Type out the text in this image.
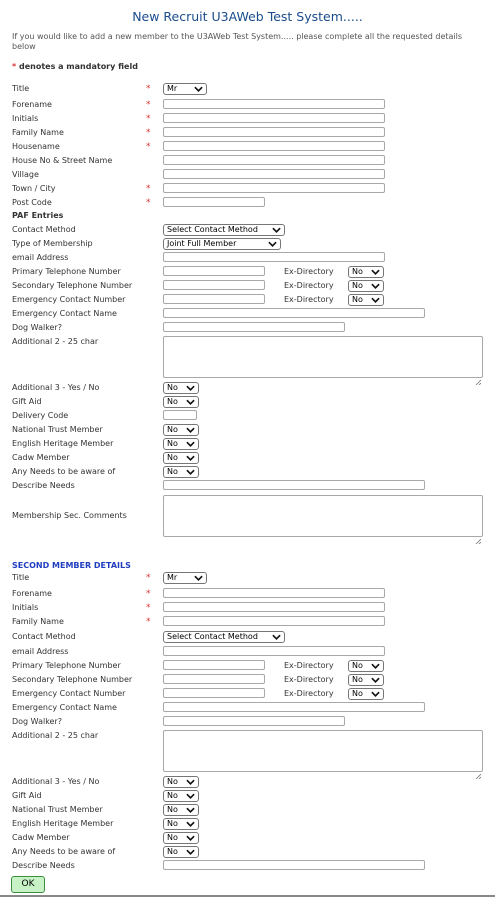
New Recruit U3AWeb Test System.....
If you would like to add a new member to the U3AWeb Test System..... please complete all the requested details below
* denotes a mandatory field
Title	*	Mr
Forename	*
Initials	*
Family Name	*
Housename	*
House No & Street Name
Village
Town / City	*
Post Code	*
PAF Entries
Contact Method	Select Contact Method
Type of Membership	Joint Full Member
email Address
Primary Telephone Number	Ex-Directory	No
Secondary Telephone Number	Ex-Directory	No
Emergency Contact Number	Ex-Directory	No
Emergency Contact Name
Dog Walker?
Additional 2 - 25 char
Additional 3 - Yes / No	No
Gift Aid	No
Delivery Code
National Trust Member	No
English Heritage Member	No
Cadw Member	No
Any Needs to be aware of	No
Describe Needs
Membership Sec. Comments
SECOND MEMBER DETAILS
Title	*	Mr
Forename	*
Initials	*
Family Name	*
Contact Method	Select Contact Method
email Address
Primary Telephone Number	Ex-Directory	No
Secondary Telephone Number	Ex-Directory	No
Emergency Contact Number	Ex-Directory	No
Emergency Contact Name
Dog Walker?
Additional 2 - 25 char
Additional 3 - Yes / No	No
Gift Aid	No
National Trust Member	No
English Heritage Member	No
Cadw Member	No
Any Needs to be aware of	No
Describe Needs
OK
